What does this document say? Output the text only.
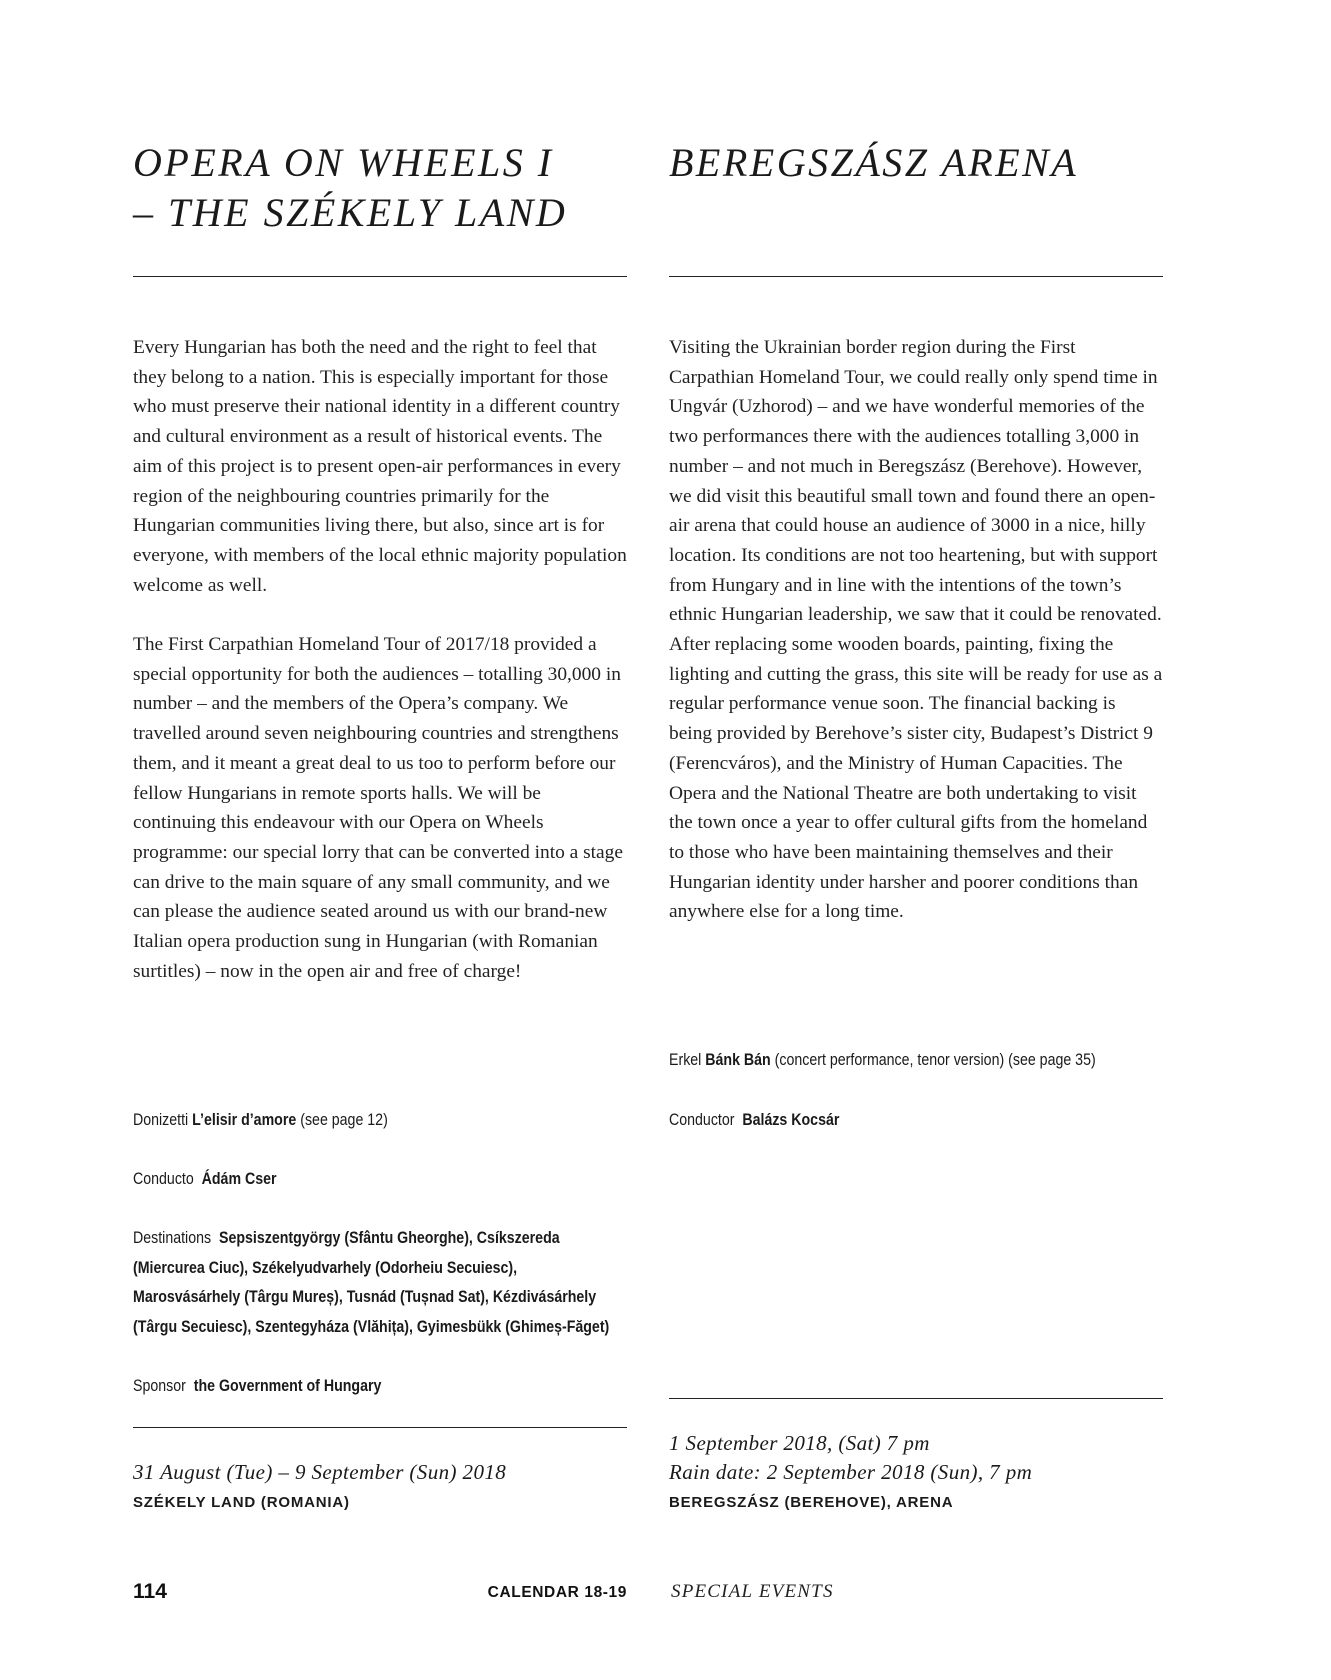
OPERA ON WHEELS I
– THE SZÉKELY LAND

Every Hungarian has both the need and the right to feel that they belong to a nation. This is especially important for those who must preserve their national identity in a different country and cultural environment as a result of historical events. The aim of this project is to present open-air performances in every region of the neighbouring countries primarily for the Hungarian communities living there, but also, since art is for everyone, with members of the local ethnic majority population welcome as well.

The First Carpathian Homeland Tour of 2017/18 provided a special opportunity for both the audiences – totalling 30,000 in number – and the members of the Opera’s company. We travelled around seven neighbouring countries and strengthens them, and it meant a great deal to us too to perform before our fellow Hungarians in remote sports halls. We will be continuing this endeavour with our Opera on Wheels programme: our special lorry that can be converted into a stage can drive to the main square of any small community, and we can please the audience seated around us with our brand-new Italian opera production sung in Hungarian (with Romanian surtitles) – now in the open air and free of charge!

Donizetti L’elisir d’amore (see page 12)
Conducto Ádám Cser
Destinations Sepsiszentgyörgy (Sfântu Gheorghe), Csíkszereda (Miercurea Ciuc), Székelyudvarhely (Odorheiu Secuiesc), Marosvásárhely (Târgu Mureș), Tusnád (Tușnad Sat), Kézdivásárhely (Târgu Secuiesc), Szentegyháza (Vlăhița), Gyimesbükk (Ghimeș-Făget)
Sponsor the Government of Hungary
31 August (Tue) – 9 September (Sun) 2018
SZÉKELY LAND (ROMANIA)
BEREGSZÁSZ ARENA

Visiting the Ukrainian border region during the First Carpathian Homeland Tour, we could really only spend time in Ungvár (Uzhorod) – and we have wonderful memories of the two performances there with the audiences totalling 3,000 in number – and not much in Beregszász (Berehove). However, we did visit this beautiful small town and found there an open-air arena that could house an audience of 3000 in a nice, hilly location. Its conditions are not too heartening, but with support from Hungary and in line with the intentions of the town’s ethnic Hungarian leadership, we saw that it could be renovated. After replacing some wooden boards, painting, fixing the lighting and cutting the grass, this site will be ready for use as a regular performance venue soon. The financial backing is being provided by Berehove’s sister city, Budapest’s District 9 (Ferencváros), and the Ministry of Human Capacities. The Opera and the National Theatre are both undertaking to visit the town once a year to offer cultural gifts from the homeland to those who have been maintaining themselves and their Hungarian identity under harsher and poorer conditions than anywhere else for a long time.

Erkel Bánk Bán (concert performance, tenor version) (see page 35)
Conductor Balázs Kocsár
1 September 2018, (Sat) 7 pm
Rain date: 2 September 2018 (Sun), 7 pm
BEREGSZÁSZ (BEREHOVE), ARENA
114	CALENDAR 18-19 SPECIAL EVENTS
